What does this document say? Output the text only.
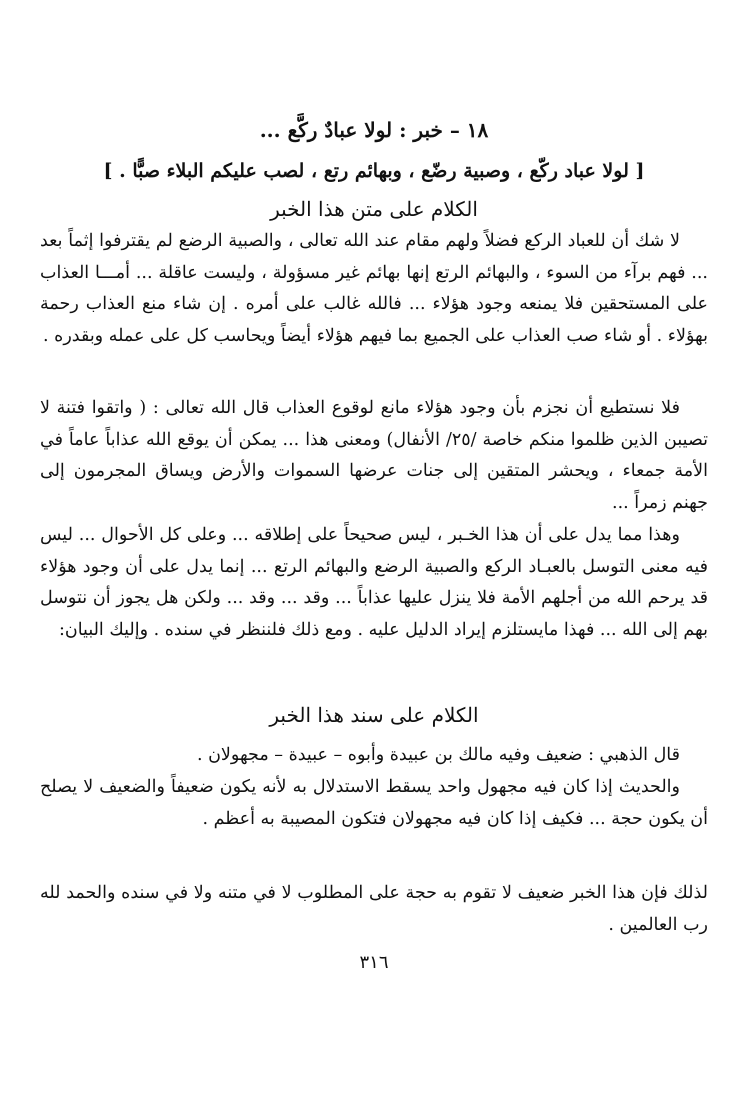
١٨ – خبر : لولا عبادٌ ركَّع ...
[ لولا عباد ركّع ، وصبية رضّع ، وبهائم رتع ، لصب عليكم البلاء صبًّا . ]
الكلام على متن هذا الخبر

لا شك أن للعباد الركع فضلاً ولهم مقام عند الله تعالى ، والصبية الرضع لم يقترفوا إثماً بعد ... فهم برآء من السوء ، والبهائم الرتع إنها بهائم غير مسؤولة ، وليست عاقلة ... أمـــا العذاب على المستحقين فلا يمنعه وجود هؤلاء ... فالله غالب على أمره . إن شاء منع العذاب رحمة بهؤلاء . أو شاء صب العذاب على الجميع بما فيهم هؤلاء أيضاً ويحاسب كل على عمله وبقدره .

فلا نستطيع أن نجزم بأن وجود هؤلاء مانع لوقوع العذاب قال الله تعالى : ( واتقوا فتنة لا تصيبن الذين ظلموا منكم خاصة /٢٥/ الأنفال) ومعنى هذا ... يمكن أن يوقع الله عذاباً عاماً في الأمة جمعاء ، ويحشر المتقين إلى جنات عرضها السموات والأرض ويساق المجرمون إلى جهنم زمراً ...

وهذا مما يدل على أن هذا الخـبر ، ليس صحيحاً على إطلاقه ... وعلى كل الأحوال ... ليس فيه معنى التوسل بالعبـاد الركع والصبية الرضع والبهائم الرتع ... إنما يدل على أن وجود هؤلاء قد يرحم الله من أجلهم الأمة فلا ينزل عليها عذاباً ... وقد ... وقد ... ولكن هل يجوز أن نتوسل بهم إلى الله ... فهذا مايستلزم إيراد الدليل عليه . ومع ذلك فلننظر في سنده . وإليك البيان:

الكلام على سند هذا الخبر

قال الذهبي : ضعيف وفيه مالك بن عبيدة وأبوه – عبيدة – مجهولان .

والحديث إذا كان فيه مجهول واحد يسقط الاستدلال به لأنه يكون ضعيفاً والضعيف لا يصلح أن يكون حجة ... فكيف إذا كان فيه مجهولان فتكون المصيبة به أعظم .

لذلك فإن هذا الخبر ضعيف لا تقوم به حجة على المطلوب لا في متنه ولا في سنده والحمد لله رب العالمين .

٣١٦
